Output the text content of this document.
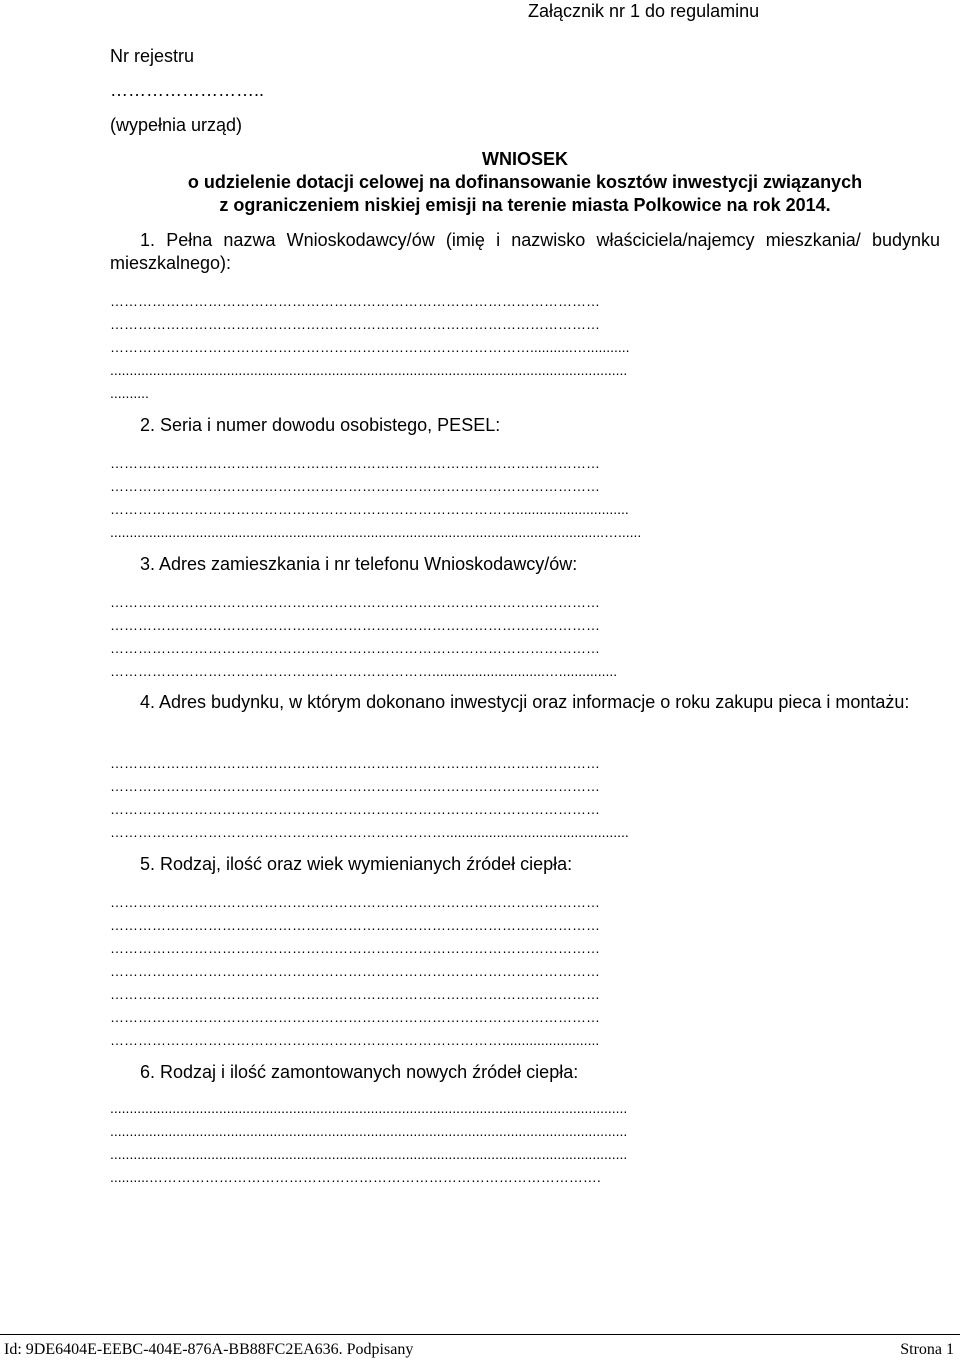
Załącznik nr 1 do regulaminu
Nr rejestru
……………………..
(wypełnia urząd)
WNIOSEK
o udzielenie dotacji celowej na dofinansowanie kosztów inwestycji związanych
z ograniczeniem niskiej emisji na terenie miasta Polkowice na rok 2014.
1. Pełna nazwa Wnioskodawcy/ów (imię i nazwisko właściciela/najemcy mieszkania/ budynku mieszkalnego):
……………………………………………………………………………………………
……………………………………………………………………………………………
………………………………………………………………………………...........…...........
.....................................................................................................................................
..........
2. Seria i numer dowodu osobistego, PESEL:
……………………………………………………………………………………………
……………………………………………………………………………………………
…………………………………………………………………………….............................
...............................................................................................................................…......
3. Adres zamieszkania i nr telefonu Wnioskodawcy/ów:
……………………………………………………………………………………………
……………………………………………………………………………………………
……………………………………………………………………………………………
…………………………………………………………….............................…...............
4. Adres budynku, w którym dokonano inwestycji oraz informacje o roku zakupu pieca i montażu:
……………………………………………………………………………………………
……………………………………………………………………………………………
……………………………………………………………………………………………
………………………………………………………………...............................................
5. Rodzaj, ilość oraz wiek wymienianych źródeł ciepła:
……………………………………………………………………………………………
……………………………………………………………………………………………
……………………………………………………………………………………………
……………………………………………………………………………………………
……………………………………………………………………………………………
……………………………………………………………………………………………
………………………………………………………………………….........................
6. Rodzaj i ilość zamontowanych nowych źródeł ciepła:
.....................................................................................................................................
.....................................................................................................................................
.....................................................................................................................................
..........…………………………………………………………………………………….
Id: 9DE6404E-EEBC-404E-876A-BB88FC2EA636. Podpisany	Strona 1
